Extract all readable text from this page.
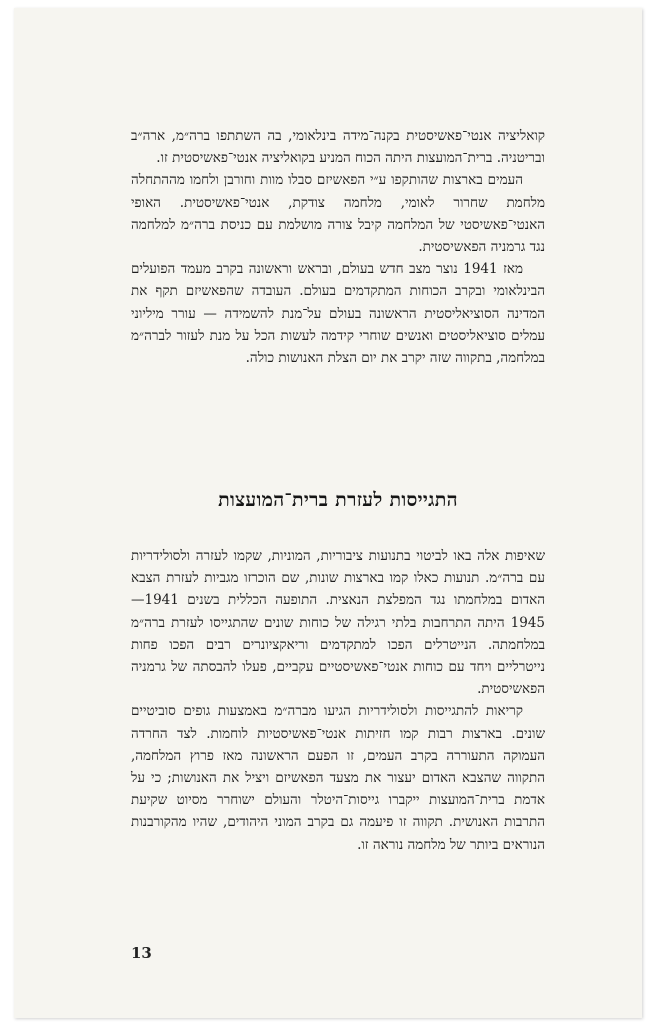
קואליציה אנטי־פאשיסטית בקנה־מידה בינלאומי, בה השתתפו ברה״מ, ארה״ב ובריטניה. ברית־המועצות היתה הכוח המניע בקואליציה אנטי־פאשיסטית זו.

העמים בארצות שהותקפו ע״י הפאשיזם סבלו מוות וחורבן ולחמו מההתחלה מלחמת שחרור לאומי, מלחמה צודקת, אנטי־פאשיסטית. האופי האנטי־פאשיסטי של המלחמה קיבל צורה מושלמת עם כניסת ברה״מ למלחמה נגד גרמניה הפאשיסטית.

מאז 1941 נוצר מצב חדש בעולם, ובראש וראשונה בקרב מעמד הפועלים הבינלאומי ובקרב הכוחות המתקדמים בעולם. העובדה שהפאשיזם תקף את המדינה הסוציאליסטית הראשונה בעולם על־מנת להשמידה — עורר מיליוני עמלים סוציאליסטים ואנשים שוחרי קידמה לעשות הכל על מנת לעזור לברה״מ במלחמה, בתקווה שזה יקרב את יום הצלת האנושות כולה.

התגייסות לעזרת ברית־המועצות

שאיפות אלה באו לביטוי בתנועות ציבוריות, המוניות, שקמו לעזרה ולסולידריות עם ברה״מ. תנועות כאלו קמו בארצות שונות, שם הוכרזו מגביות לעזרת הצבא האדום במלחמתו נגד המפלצת הנאצית. התופעה הכללית בשנים 1941—1945 היתה התרחבות בלתי רגילה של כוחות שונים שהתגייסו לעזרת ברה״מ במלחמתה. הנייטרלים הפכו למתקדמים וריאקציונרים רבים הפכו פחות נייטרליים ויחד עם כוחות אנטי־פאשיסטיים עקביים, פעלו להבסתה של גרמניה הפאשיסטית.

קריאות להתגייסות ולסולידריות הגיעו מברה״מ באמצעות גופים סוביטיים שונים. בארצות רבות קמו חזיתות אנטי־פאשיסטיות לוחמות. לצד החרדה העמוקה התעוררה בקרב העמים, זו הפעם הראשונה מאז פרוץ המלחמה, התקווה שהצבא האדום יעצור את מצעד הפאשיזם ויציל את האנושות; כי על אדמת ברית־המועצות ייקברו גייסות־היטלר והעולם ישוחרר מסיוט שקיעת התרבות האנושית. תקווה זו פיעמה גם בקרב המוני היהודים, שהיו מהקורבנות הנוראים ביותר של מלחמה נוראה זו.

13
